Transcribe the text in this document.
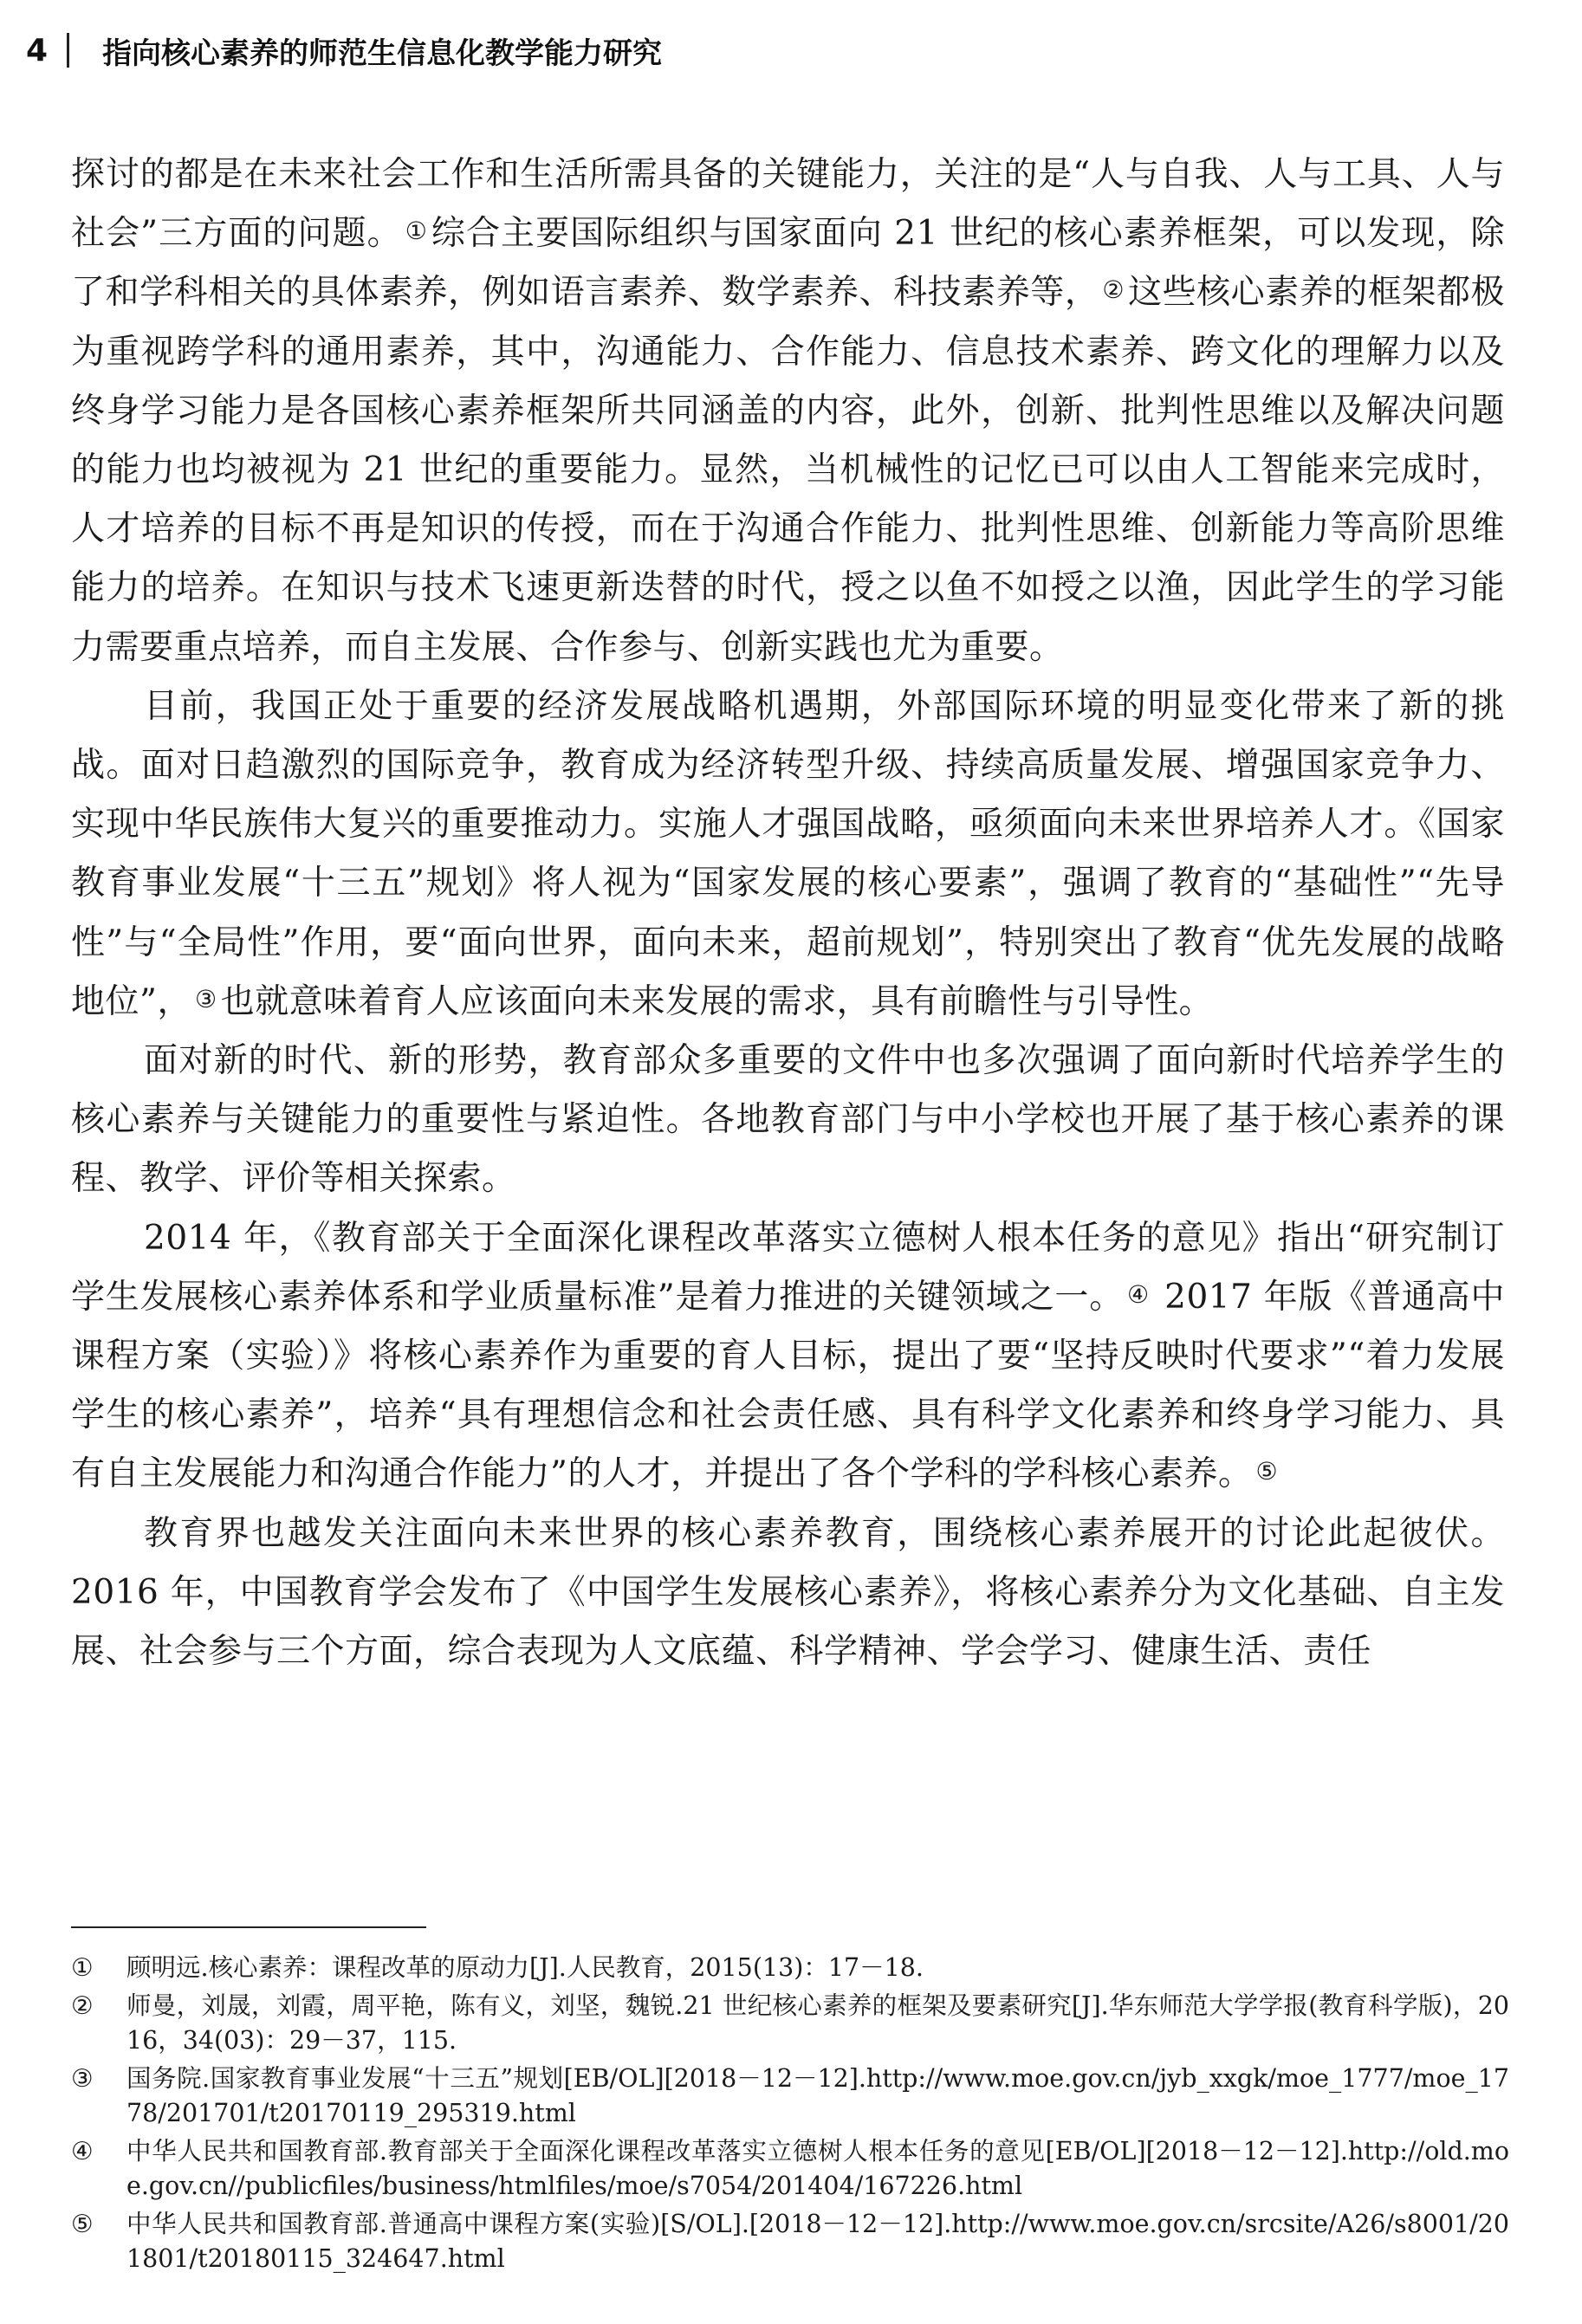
4 指向核心素养的师范生信息化教学能力研究

探讨的都是在未来社会工作和生活所需具备的关键能力，关注的是“人与自我、人与工具、人与社会”三方面的问题。 ① 综合主要国际组织与国家面向 21 世纪的核心素养框架，可以发现，除了和学科相关的具体素养，例如语言素养、数学素养、科技素养等， ② 这些核心素养的框架都极为重视跨学科的通用素养，其中，沟通能力、合作能力、信息技术素养、跨文化的理解力以及终身学习能力是各国核心素养框架所共同涵盖的内容，此外，创新、批判性思维以及解决问题的能力也均被视为 21 世纪的重要能力。显然，当机械性的记忆已可以由人工智能来完成时，人才培养的目标不再是知识的传授，而在于沟通合作能力、批判性思维、创新能力等高阶思维能力的培养。在知识与技术飞速更新迭替的时代，授之以鱼不如授之以渔，因此学生的学习能力需要重点培养，而自主发展、合作参与、创新实践也尤为重要。

目前，我国正处于重要的经济发展战略机遇期，外部国际环境的明显变化带来了新的挑战。面对日趋激烈的国际竞争，教育成为经济转型升级、持续高质量发展、增强国家竞争力、实现中华民族伟大复兴的重要推动力。实施人才强国战略，亟须面向未来世界培养人才。《国家教育事业发展“十三五”规划》将人视为“国家发展的核心要素”，强调了教育的“基础性”“先导性”与“全局性”作用，要“面向世界，面向未来，超前规划”，特别突出了教育“优先发展的战略地位”， ③ 也就意味着育人应该面向未来发展的需求，具有前瞻性与引导性。

面对新的时代、新的形势，教育部众多重要的文件中也多次强调了面向新时代培养学生的核心素养与关键能力的重要性与紧迫性。各地教育部门与中小学校也开展了基于核心素养的课程、教学、评价等相关探索。

2014 年，《教育部关于全面深化课程改革落实立德树人根本任务的意见》指出“研究制订学生发展核心素养体系和学业质量标准”是着力推进的关键领域之一。 ④ 2017 年版《普通高中课程方案（实验）》将核心素养作为重要的育人目标，提出了要“坚持反映时代要求”“着力发展学生的核心素养”，培养“具有理想信念和社会责任感、具有科学文化素养和终身学习能力、具有自主发展能力和沟通合作能力”的人才，并提出了各个学科的学科核心素养。 ⑤

教育界也越发关注面向未来世界的核心素养教育，围绕核心素养展开的讨论此起彼伏。2016 年，中国教育学会发布了《中国学生发展核心素养》，将核心素养分为文化基础、自主发展、社会参与三个方面，综合表现为人文底蕴、科学精神、学会学习、健康生活、责任

①	顾明远.核心素养：课程改革的原动力[J].人民教育，2015(13)：17－18.
②	师曼，刘晟，刘霞，周平艳，陈有义，刘坚，魏锐.21 世纪核心素养的框架及要素研究[J].华东师范大学学报(教育科学版)，2016，34(03)：29－37，115.
③	国务院.国家教育事业发展“十三五”规划[EB/OL][2018－12－12].http://www.moe.gov.cn/jyb_xxgk/moe_1777/moe_1778/201701/t20170119_295319.html
④	中华人民共和国教育部.教育部关于全面深化课程改革落实立德树人根本任务的意见[EB/OL][2018－12－12].http://old.moe.gov.cn//publicfiles/business/htmlfiles/moe/s7054/201404/167226.html
⑤	中华人民共和国教育部.普通高中课程方案(实验)[S/OL].[2018－12－12].http://www.moe.gov.cn/srcsite/A26/s8001/201801/t20180115_324647.html
